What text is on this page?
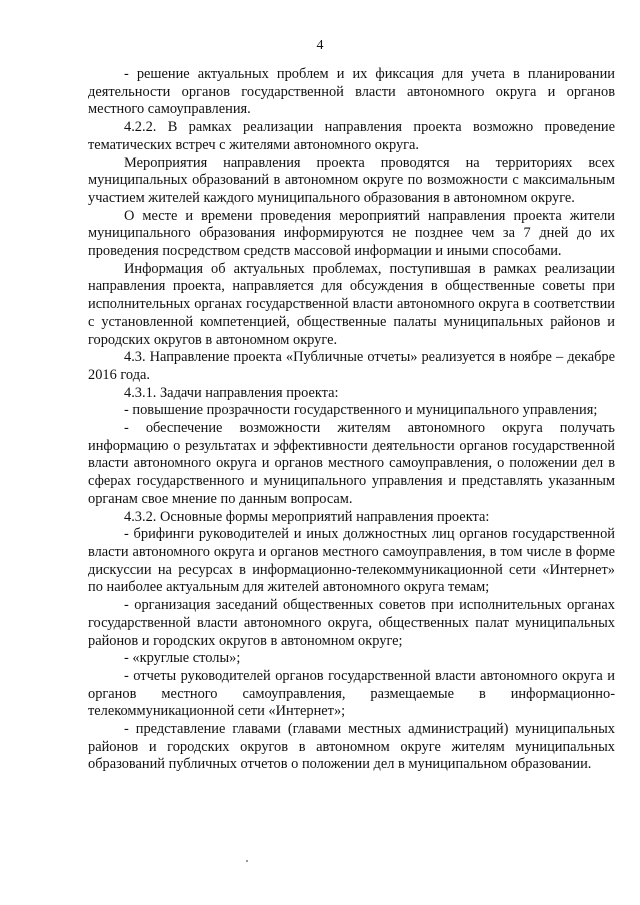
4

- решение актуальных проблем и их фиксация для учета в планировании деятельности органов государственной власти автономного округа и органов местного самоуправления.

4.2.2. В рамках реализации направления проекта возможно проведение тематических встреч с жителями автономного округа.

Мероприятия направления проекта проводятся на территориях всех муниципальных образований в автономном округе по возможности с максимальным участием жителей каждого муниципального образования в автономном округе.

О месте и времени проведения мероприятий направления проекта жители муниципального образования информируются не позднее чем за 7 дней до их проведения посредством средств массовой информации и иными способами.

Информация об актуальных проблемах, поступившая в рамках реализации направления проекта, направляется для обсуждения в общественные советы при исполнительных органах государственной власти автономного округа в соответствии с установленной компетенцией, общественные палаты муниципальных районов и городских округов в автономном округе.

4.3. Направление проекта «Публичные отчеты» реализуется в ноябре – декабре 2016 года.

4.3.1. Задачи направления проекта:

- повышение прозрачности государственного и муниципального управления;

- обеспечение возможности жителям автономного округа получать информацию о результатах и эффективности деятельности органов государственной власти автономного округа и органов местного самоуправления, о положении дел в сферах государственного и муниципального управления и представлять указанным органам свое мнение по данным вопросам.

4.3.2. Основные формы мероприятий направления проекта:

- брифинги руководителей и иных должностных лиц органов государственной власти автономного округа и органов местного самоуправления, в том числе в форме дискуссии на ресурсах в информационно-телекоммуникационной сети «Интернет» по наиболее актуальным для жителей автономного округа темам;

- организация заседаний общественных советов при исполнительных органах государственной власти автономного округа, общественных палат муниципальных районов и городских округов в автономном округе;

- «круглые столы»;

- отчеты руководителей органов государственной власти автономного округа и органов местного самоуправления, размещаемые в информационно-телекоммуникационной сети «Интернет»;

- представление главами (главами местных администраций) муниципальных районов и городских округов в автономном округе жителям муниципальных образований публичных отчетов о положении дел в муниципальном образовании.
